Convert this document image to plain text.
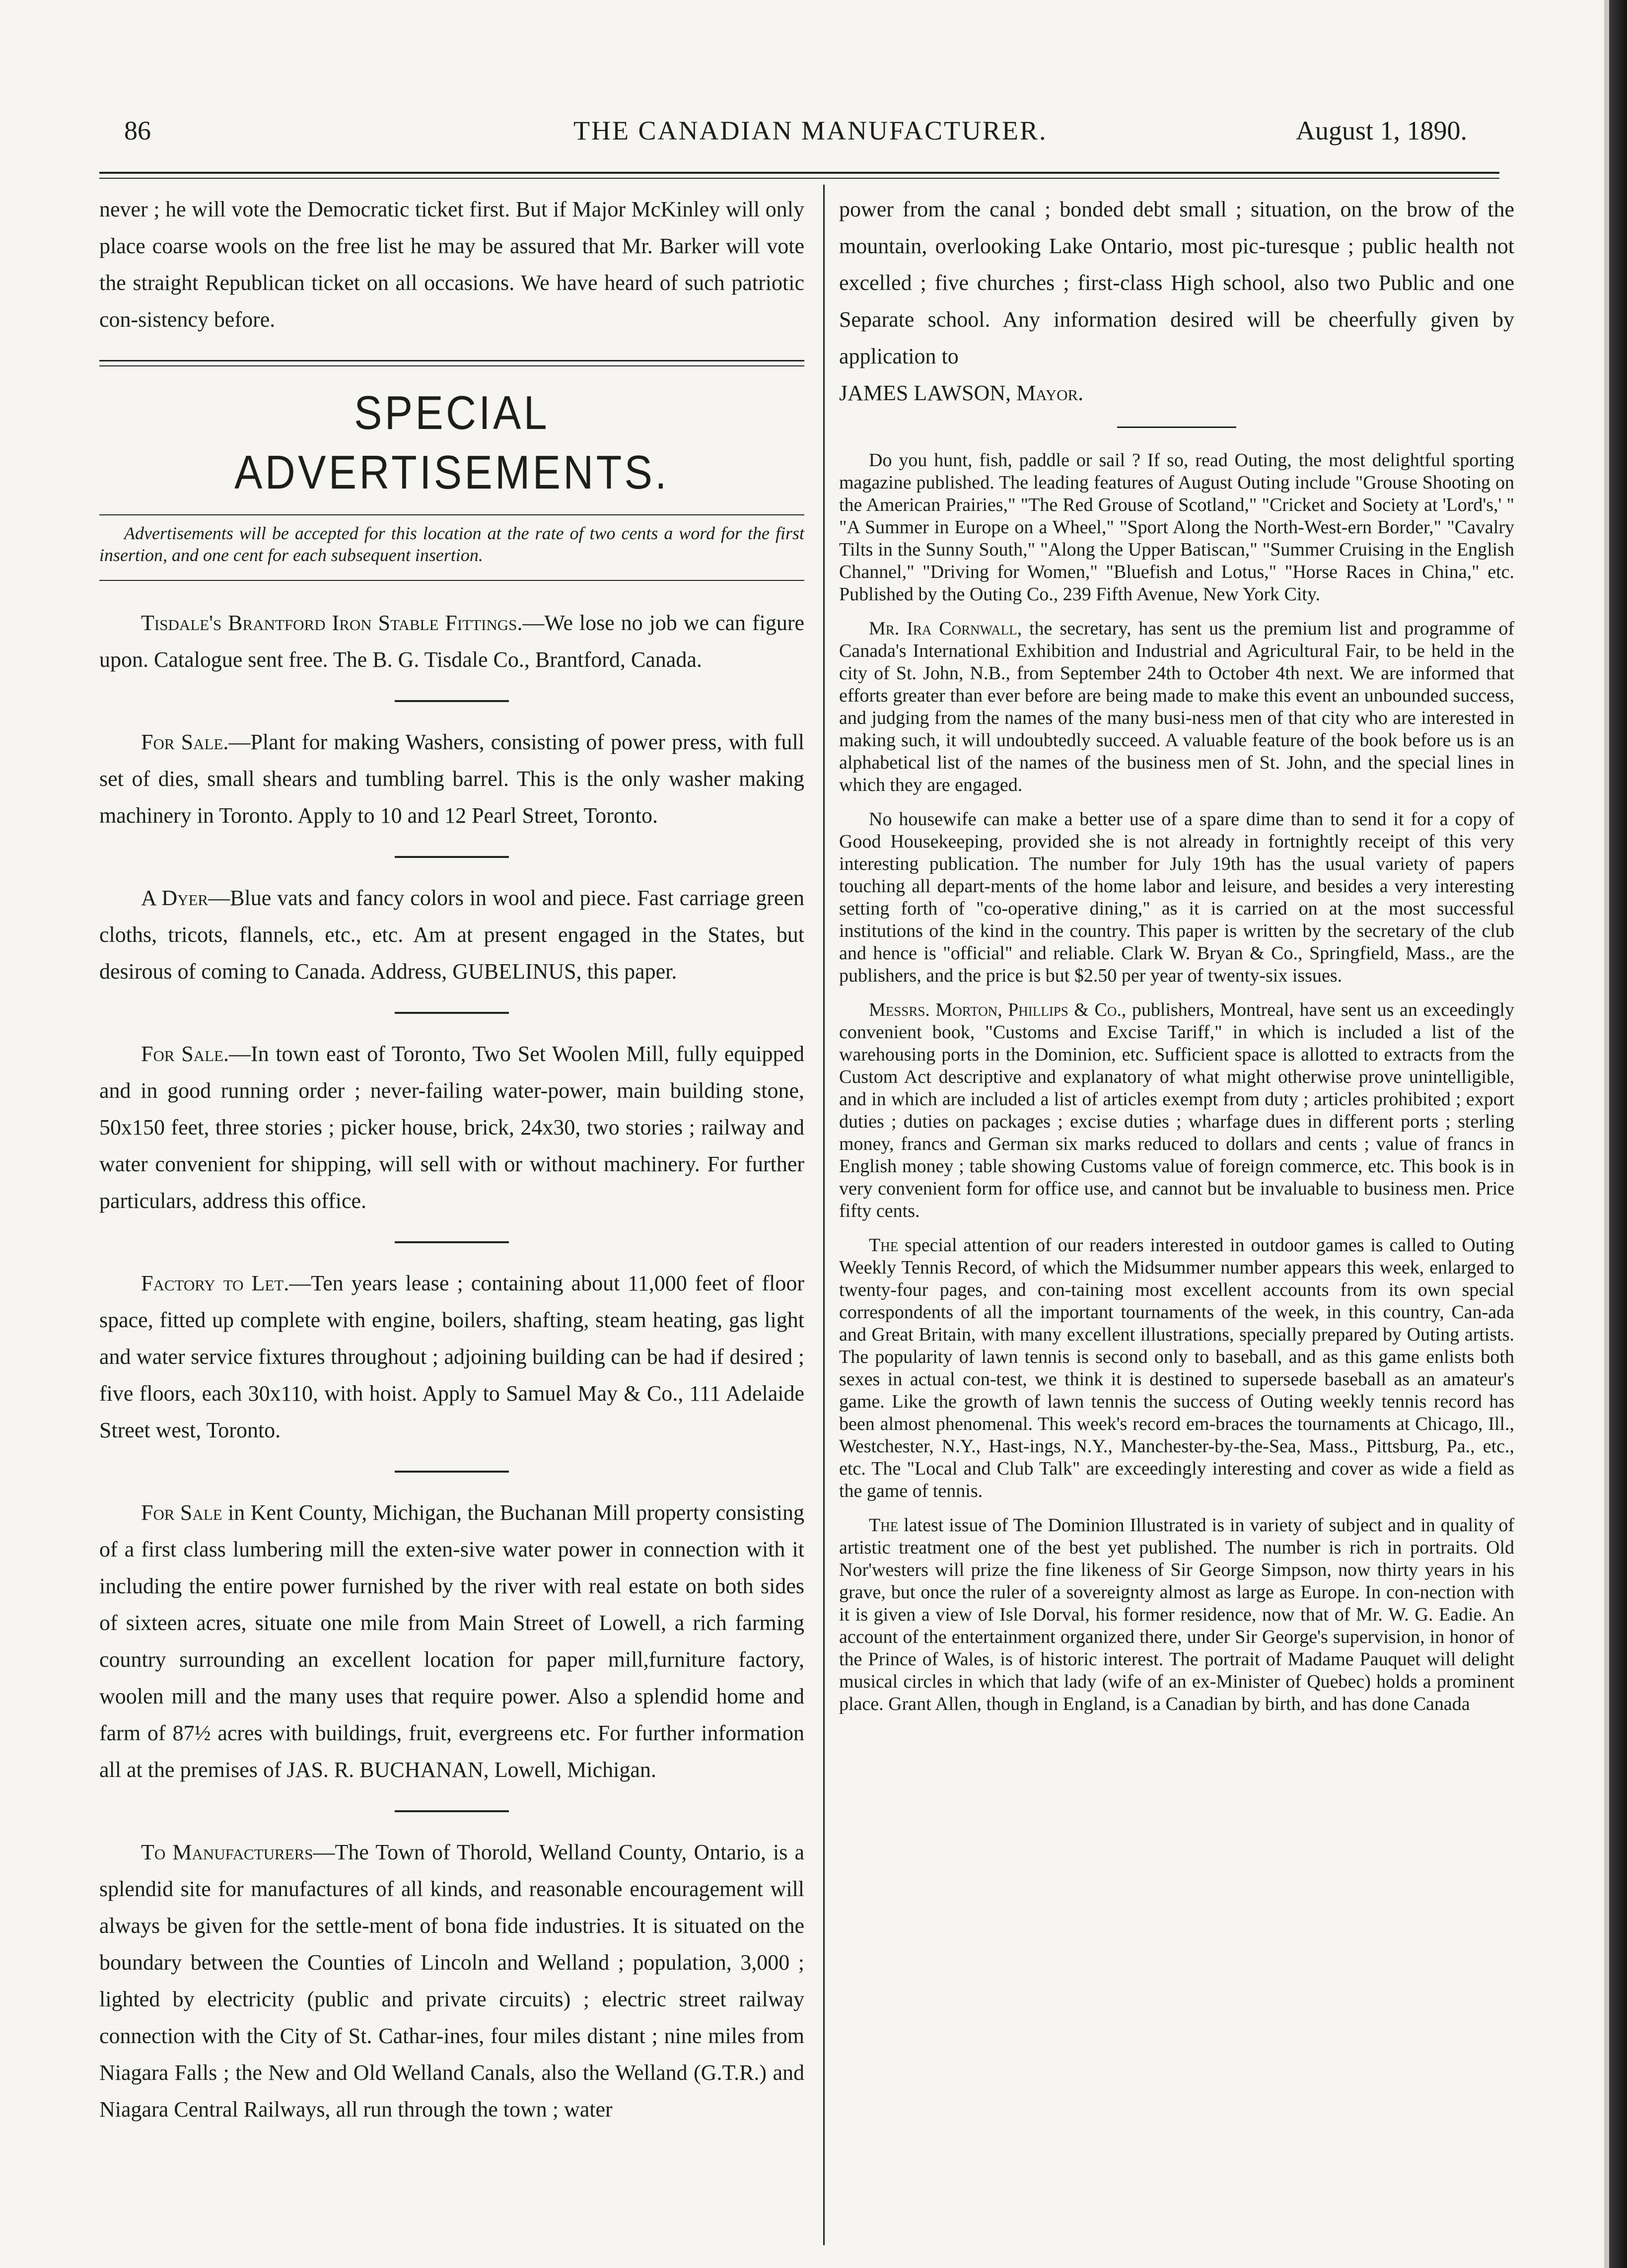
86	THE CANADIAN MANUFACTURER.	August 1, 1890.

never ; he will vote the Democratic ticket first. But if Major McKinley will only place coarse wools on the free list he may be assured that Mr. Barker will vote the straight Republican ticket on all occasions. We have heard of such patriotic con-sistency before.

SPECIAL ADVERTISEMENTS.
Advertisements will be accepted for this location at the rate of two cents a word for the first insertion, and one cent for each subsequent insertion.

Tisdale's Brantford Iron Stable Fittings.—We lose no job we can figure upon. Catalogue sent free. The B. G. Tisdale Co., Brantford, Canada.

For Sale.—Plant for making Washers, consisting of power press, with full set of dies, small shears and tumbling barrel. This is the only washer making machinery in Toronto. Apply to 10 and 12 Pearl Street, Toronto.

A Dyer—Blue vats and fancy colors in wool and piece. Fast carriage green cloths, tricots, flannels, etc., etc. Am at present engaged in the States, but desirous of coming to Canada. Address, GUBELINUS, this paper.

For Sale.—In town east of Toronto, Two Set Woolen Mill, fully equipped and in good running order ; never-failing water-power, main building stone, 50x150 feet, three stories ; picker house, brick, 24x30, two stories ; railway and water convenient for shipping, will sell with or without machinery. For further particulars, address this office.

Factory to Let.—Ten years lease ; containing about 11,000 feet of floor space, fitted up complete with engine, boilers, shafting, steam heating, gas light and water service fixtures throughout ; adjoining building can be had if desired ; five floors, each 30x110, with hoist. Apply to Samuel May & Co., 111 Adelaide Street west, Toronto.

For Sale in Kent County, Michigan, the Buchanan Mill property consisting of a first class lumbering mill the exten-sive water power in connection with it including the entire power furnished by the river with real estate on both sides of sixteen acres, situate one mile from Main Street of Lowell, a rich farming country surrounding an excellent location for paper mill,furniture factory, woolen mill and the many uses that require power. Also a splendid home and farm of 87½ acres with buildings, fruit, evergreens etc. For further information all at the premises of JAS. R. BUCHANAN, Lowell, Michigan.

To Manufacturers—The Town of Thorold, Welland County, Ontario, is a splendid site for manufactures of all kinds, and reasonable encouragement will always be given for the settle-ment of bona fide industries. It is situated on the boundary between the Counties of Lincoln and Welland ; population, 3,000 ; lighted by electricity (public and private circuits) ; electric street railway connection with the City of St. Cathar-ines, four miles distant ; nine miles from Niagara Falls ; the New and Old Welland Canals, also the Welland (G.T.R.) and Niagara Central Railways, all run through the town ; water

power from the canal ; bonded debt small ; situation, on the brow of the mountain, overlooking Lake Ontario, most pic-turesque ; public health not excelled ; five churches ; first-class High school, also two Public and one Separate school. Any information desired will be cheerfully given by application to

JAMES LAWSON, Mayor.

Do you hunt, fish, paddle or sail ? If so, read Outing, the most delightful sporting magazine published. The leading features of August Outing include "Grouse Shooting on the American Prairies," "The Red Grouse of Scotland," "Cricket and Society at 'Lord's,' " "A Summer in Europe on a Wheel," "Sport Along the North-West-ern Border," "Cavalry Tilts in the Sunny South," "Along the Upper Batiscan," "Summer Cruising in the English Channel," "Driving for Women," "Bluefish and Lotus," "Horse Races in China," etc. Published by the Outing Co., 239 Fifth Avenue, New York City.

Mr. Ira Cornwall, the secretary, has sent us the premium list and programme of Canada's International Exhibition and Industrial and Agricultural Fair, to be held in the city of St. John, N.B., from September 24th to October 4th next. We are informed that efforts greater than ever before are being made to make this event an unbounded success, and judging from the names of the many busi-ness men of that city who are interested in making such, it will undoubtedly succeed. A valuable feature of the book before us is an alphabetical list of the names of the business men of St. John, and the special lines in which they are engaged.

No housewife can make a better use of a spare dime than to send it for a copy of Good Housekeeping, provided she is not already in fortnightly receipt of this very interesting publication. The number for July 19th has the usual variety of papers touching all depart-ments of the home labor and leisure, and besides a very interesting setting forth of "co-operative dining," as it is carried on at the most successful institutions of the kind in the country. This paper is written by the secretary of the club and hence is "official" and reliable. Clark W. Bryan & Co., Springfield, Mass., are the publishers, and the price is but $2.50 per year of twenty-six issues.

Messrs. Morton, Phillips & Co., publishers, Montreal, have sent us an exceedingly convenient book, "Customs and Excise Tariff," in which is included a list of the warehousing ports in the Dominion, etc. Sufficient space is allotted to extracts from the Custom Act descriptive and explanatory of what might otherwise prove unintelligible, and in which are included a list of articles exempt from duty ; articles prohibited ; export duties ; duties on packages ; excise duties ; wharfage dues in different ports ; sterling money, francs and German six marks reduced to dollars and cents ; value of francs in English money ; table showing Customs value of foreign commerce, etc. This book is in very convenient form for office use, and cannot but be invaluable to business men. Price fifty cents.

The special attention of our readers interested in outdoor games is called to Outing Weekly Tennis Record, of which the Midsummer number appears this week, enlarged to twenty-four pages, and con-taining most excellent accounts from its own special correspondents of all the important tournaments of the week, in this country, Can-ada and Great Britain, with many excellent illustrations, specially prepared by Outing artists. The popularity of lawn tennis is second only to baseball, and as this game enlists both sexes in actual con-test, we think it is destined to supersede baseball as an amateur's game. Like the growth of lawn tennis the success of Outing weekly tennis record has been almost phenomenal. This week's record em-braces the tournaments at Chicago, Ill., Westchester, N.Y., Hast-ings, N.Y., Manchester-by-the-Sea, Mass., Pittsburg, Pa., etc., etc. The "Local and Club Talk" are exceedingly interesting and cover as wide a field as the game of tennis.

The latest issue of The Dominion Illustrated is in variety of subject and in quality of artistic treatment one of the best yet published. The number is rich in portraits. Old Nor'westers will prize the fine likeness of Sir George Simpson, now thirty years in his grave, but once the ruler of a sovereignty almost as large as Europe. In con-nection with it is given a view of Isle Dorval, his former residence, now that of Mr. W. G. Eadie. An account of the entertainment organized there, under Sir George's supervision, in honor of the Prince of Wales, is of historic interest. The portrait of Madame Pauquet will delight musical circles in which that lady (wife of an ex-Minister of Quebec) holds a prominent place. Grant Allen, though in England, is a Canadian by birth, and has done Canada
